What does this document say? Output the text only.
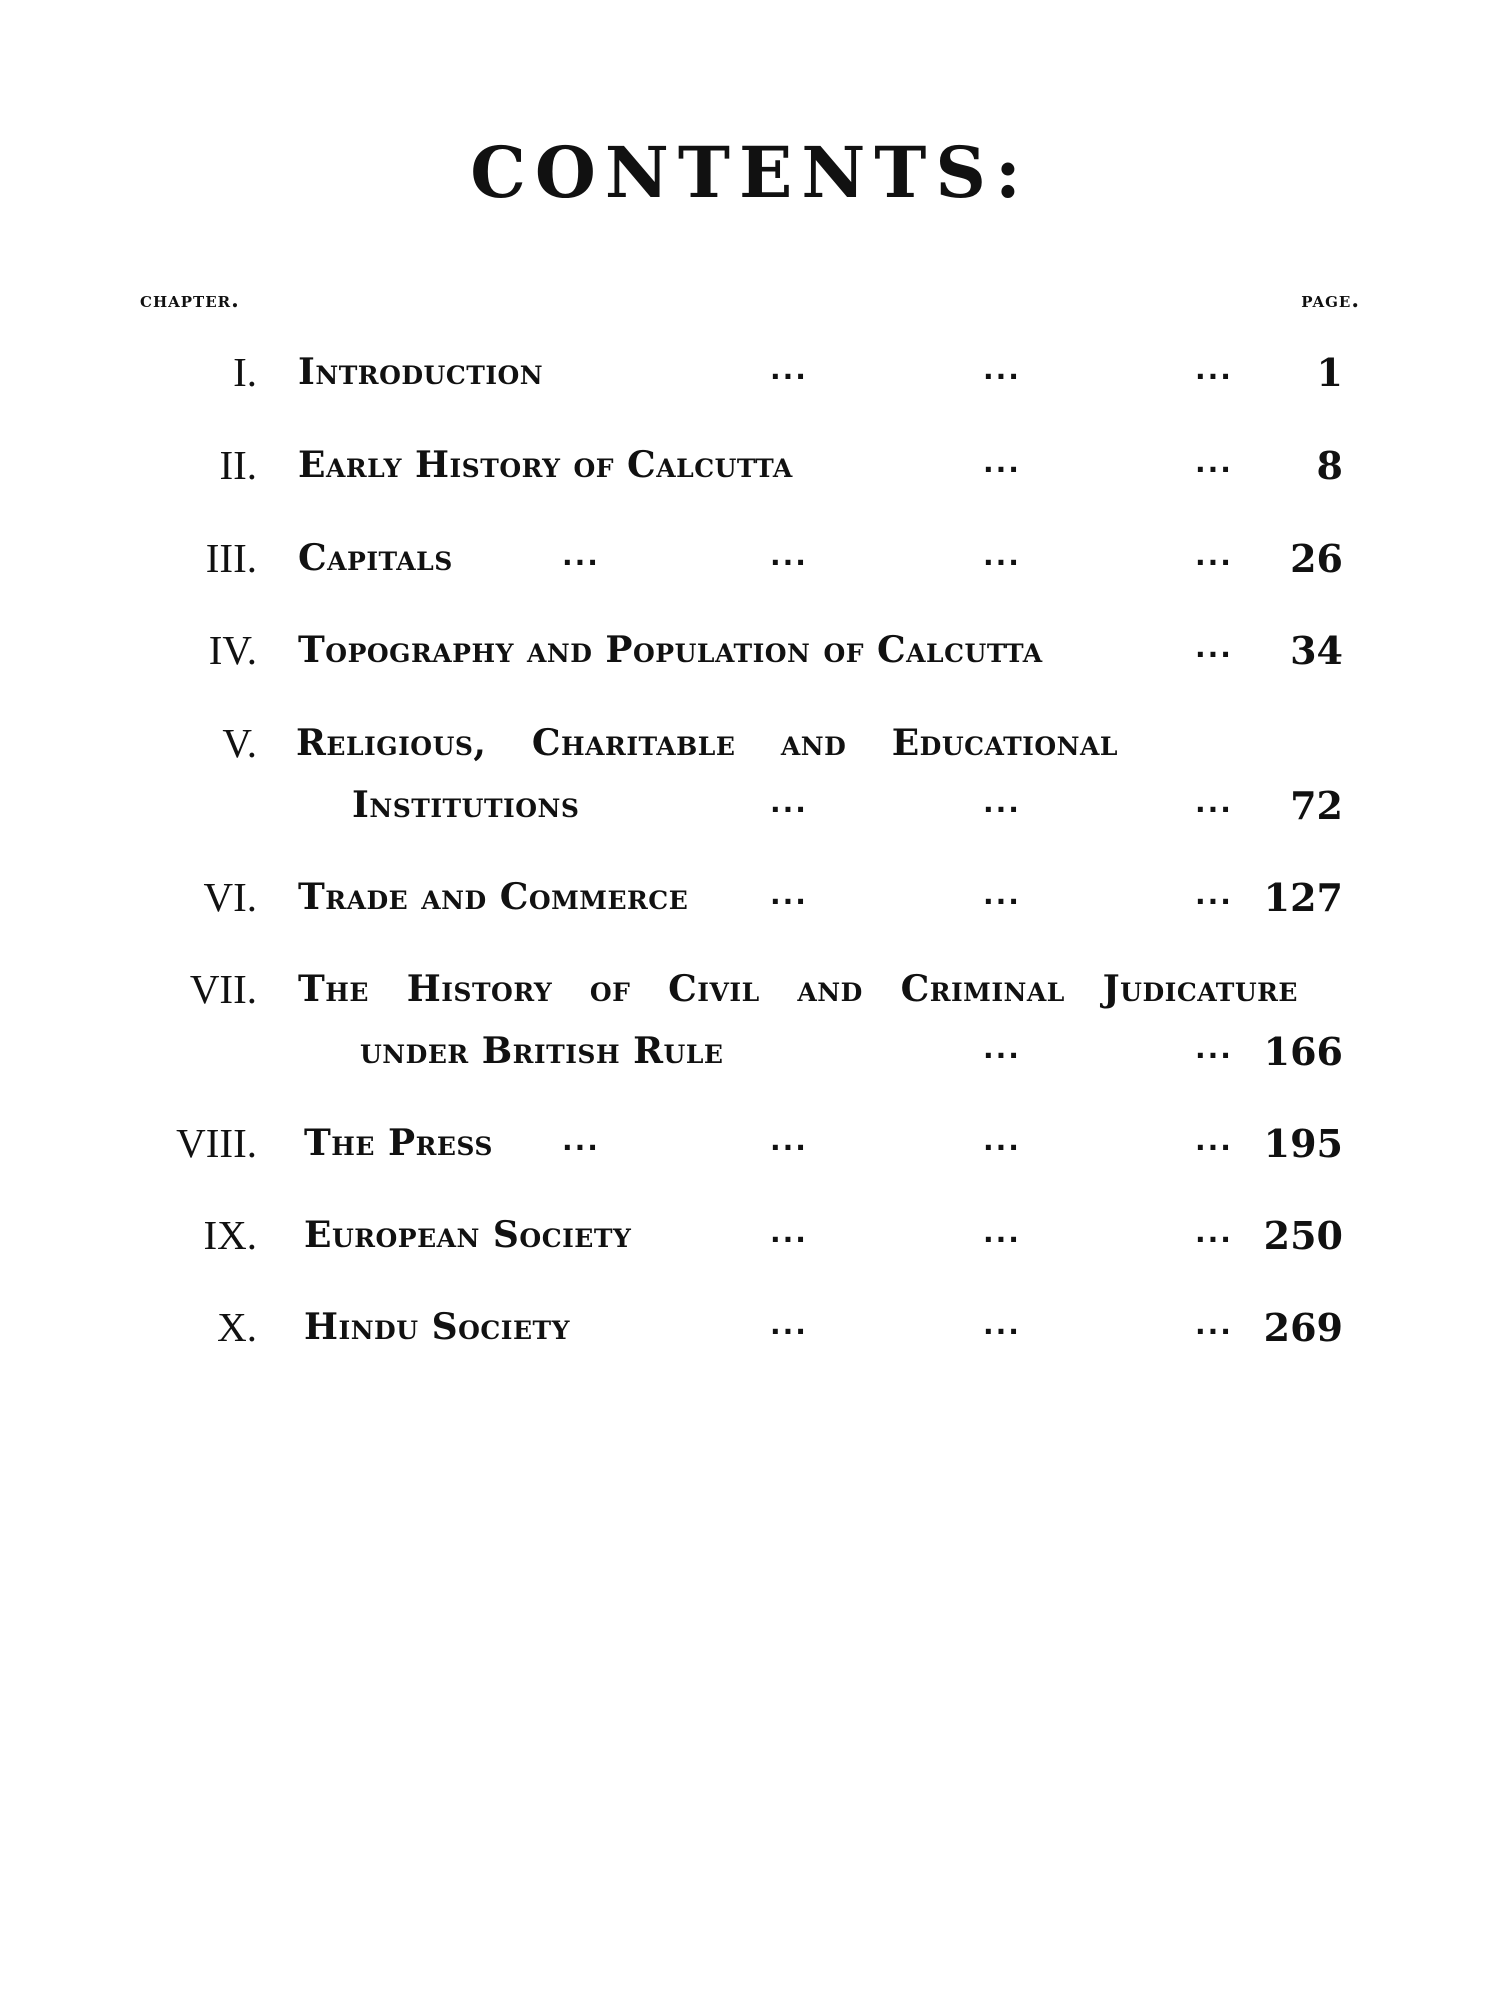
CONTENTS:
chapter.	page.
I. Introduction	...	...	... 1
II. Early History of Calcutta	...	... 8
III. Capitals	...	...	...	... 26
IV. Topography and Population of Calcutta	... 34
V. Religious, Charitable and Educational
Institutions	...	...	... 72
VI. Trade and Commerce	...	...	... 127
VII. The History of Civil and Criminal Judicature
under British Rule	...	... 166
VIII. The Press ...	...	...	... 195
IX. European Society	...	...	... 250
X. Hindu Society	...	...	... 269
